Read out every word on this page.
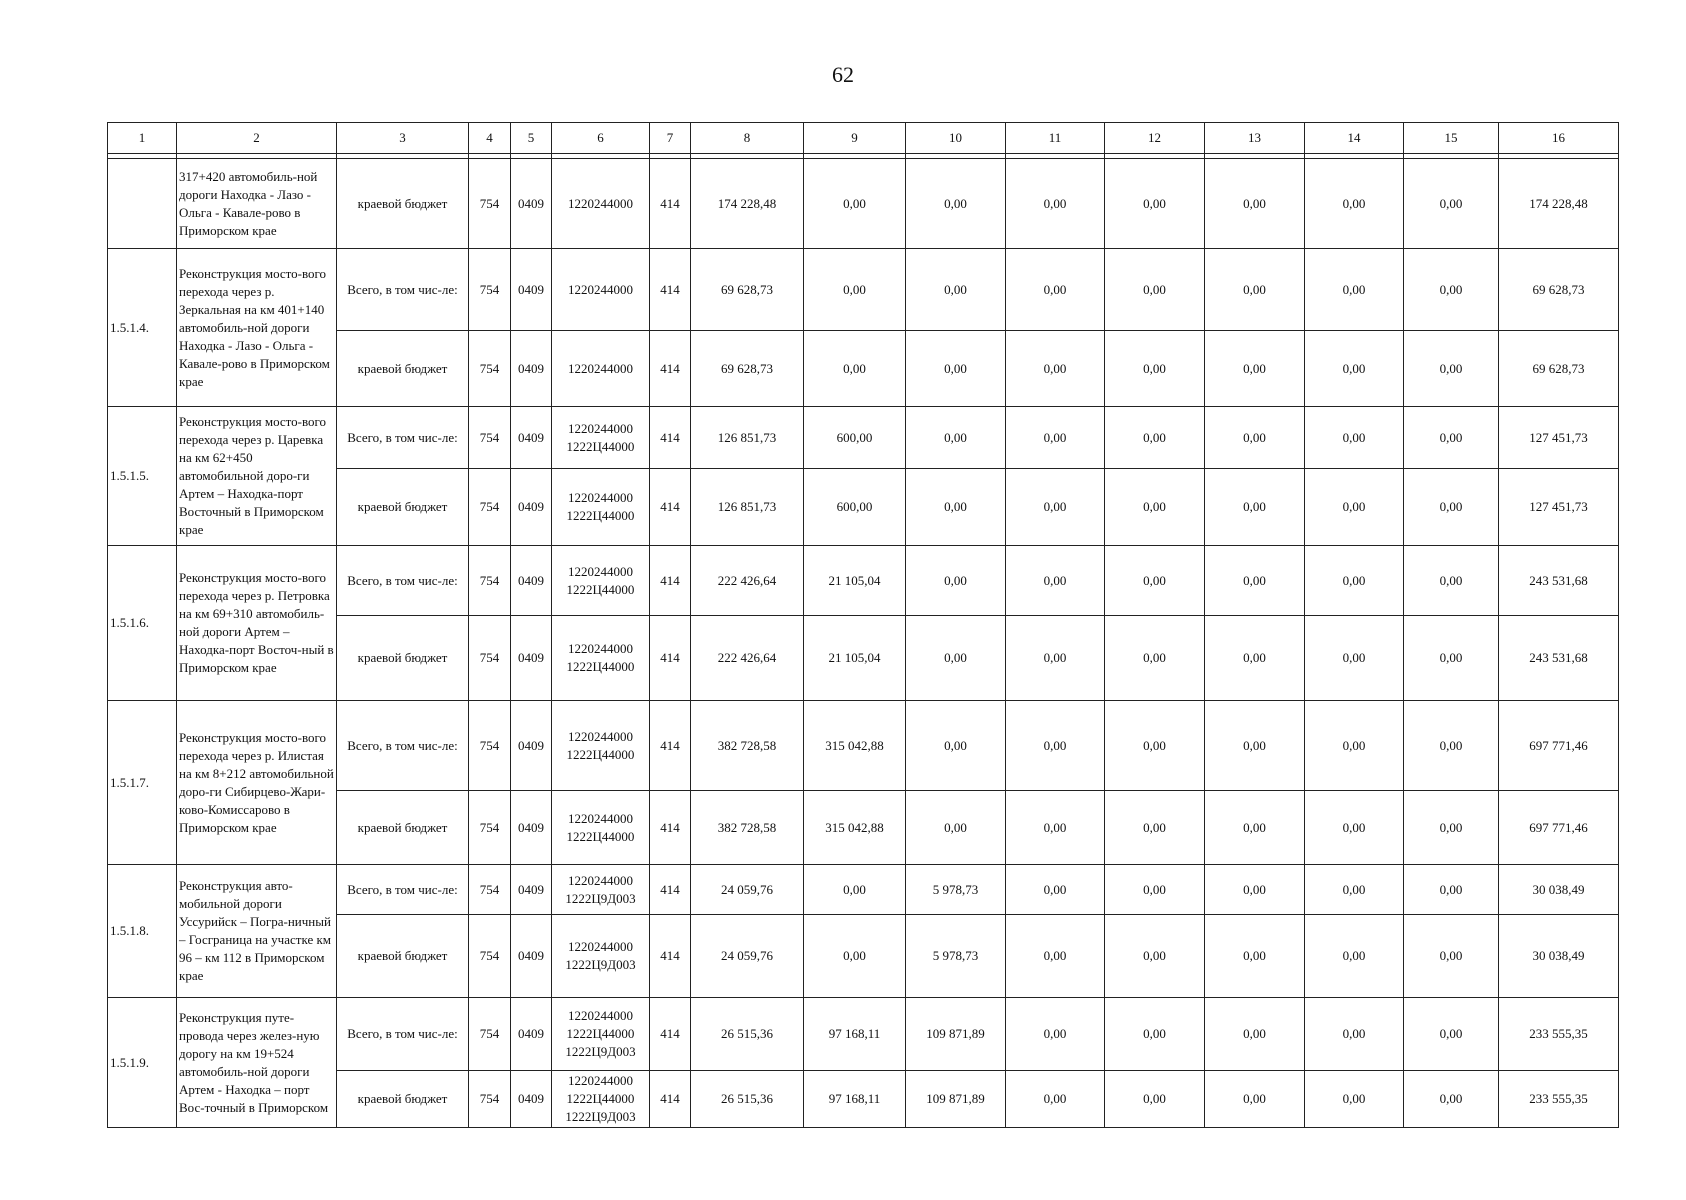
62
1	2	3	4	5	6	7	8	9	10	11	12	13	14	15	16

	317+420 автомобиль-ной дороги Находка - Лазо - Ольга - Кавале-рово в Приморском крае	краевой бюджет	754	0409	1220244000	414	174 228,48	0,00	0,00	0,00	0,00	0,00	0,00	0,00	174 228,48
1.5.1.4.	Реконструкция мосто-вого перехода через р. Зеркальная на км 401+140 автомобиль-ной дороги Находка - Лазо - Ольга - Кавале-рово в Приморском крае	Всего, в том чис-ле:	754	0409	1220244000	414	69 628,73	0,00	0,00	0,00	0,00	0,00	0,00	0,00	69 628,73
		краевой бюджет	754	0409	1220244000	414	69 628,73	0,00	0,00	0,00	0,00	0,00	0,00	0,00	69 628,73
1.5.1.5.	Реконструкция мосто-вого перехода через р. Царевка на км 62+450 автомобильной доро-ги Артем – Находка-порт Восточный в Приморском крае	Всего, в том чис-ле:	754	0409	1220244000
1222Ц44000	414	126 851,73	600,00	0,00	0,00	0,00	0,00	0,00	0,00	127 451,73
		краевой бюджет	754	0409	1220244000
1222Ц44000	414	126 851,73	600,00	0,00	0,00	0,00	0,00	0,00	0,00	127 451,73
1.5.1.6.	Реконструкция мосто-вого перехода через р. Петровка на км 69+310 автомобиль-ной дороги Артем – Находка-порт Восточ-ный в Приморском крае	Всего, в том чис-ле:	754	0409	1220244000
1222Ц44000	414	222 426,64	21 105,04	0,00	0,00	0,00	0,00	0,00	0,00	243 531,68
		краевой бюджет	754	0409	1220244000
1222Ц44000	414	222 426,64	21 105,04	0,00	0,00	0,00	0,00	0,00	0,00	243 531,68
1.5.1.7.	Реконструкция мосто-вого перехода через р. Илистая на км 8+212 автомобильной доро-ги Сибирцево-Жари-ково-Комиссарово в Приморском крае	Всего, в том чис-ле:	754	0409	1220244000
1222Ц44000	414	382 728,58	315 042,88	0,00	0,00	0,00	0,00	0,00	0,00	697 771,46
		краевой бюджет	754	0409	1220244000
1222Ц44000	414	382 728,58	315 042,88	0,00	0,00	0,00	0,00	0,00	0,00	697 771,46
1.5.1.8.	Реконструкция авто-мобильной дороги Уссурийск – Погра-ничный – Госграница на участке км 96 – км 112 в Приморском крае	Всего, в том чис-ле:	754	0409	1220244000
1222Ц9Д003	414	24 059,76	0,00	5 978,73	0,00	0,00	0,00	0,00	0,00	30 038,49
		краевой бюджет	754	0409	1220244000
1222Ц9Д003	414	24 059,76	0,00	5 978,73	0,00	0,00	0,00	0,00	0,00	30 038,49
1.5.1.9.	Реконструкция путе-провода через желез-ную дорогу на км 19+524 автомобиль-ной дороги Артем - Находка – порт Вос-точный в Приморском	Всего, в том чис-ле:	754	0409	1220244000
1222Ц44000
1222Ц9Д003	414	26 515,36	97 168,11	109 871,89	0,00	0,00	0,00	0,00	0,00	233 555,35
		краевой бюджет	754	0409	1220244000
1222Ц44000
1222Ц9Д003	414	26 515,36	97 168,11	109 871,89	0,00	0,00	0,00	0,00	0,00	233 555,35
